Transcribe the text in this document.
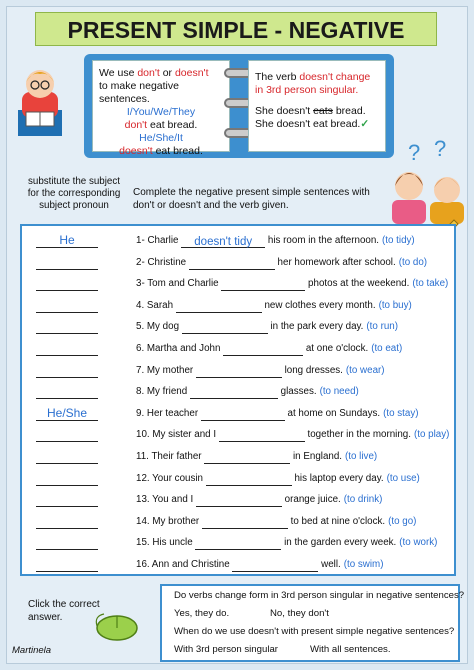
PRESENT SIMPLE - NEGATIVE
We use don't or doesn't
to make negative sentences.
I/You/We/They
don't eat bread.
He/She/It
doesn't eat bread.
The verb doesn't change
in 3rd person singular.
She doesn't eats bread.
She doesn't eat bread.✓
? ?
substitute the subject for the corresponding subject pronoun
Complete the negative present simple sentences with don't or doesn't and the verb given.
He	1- Charlie doesn't tidy his room in the afternoon. (to tidy)
2- Christine	her homework after school. (to do)
3- Tom and Charlie	photos at the weekend. (to take)
4. Sarah	new clothes every month. (to buy)
5. My dog	in the park every day. (to run)
6. Martha and John	at one o'clock. (to eat)
7. My mother	long dresses. (to wear)
8. My friend	glasses. (to need)
He/She	9. Her teacher	at home on Sundays. (to stay)
10. My sister and I	together in the morning. (to play)
11. Their father	in England. (to live)
12. Your cousin	his laptop every day. (to use)
13. You and I	orange juice. (to drink)
14. My brother	to bed at nine o'clock. (to go)
15. His uncle	in the garden every week. (to work)
16. Ann and Christine	well. (to swim)
Click the correct answer.
Martinela
Do verbs change form in 3rd person singular in negative sentences?
Yes, they do.	No, they don't
When do we use doesn't with present simple negative sentences?
With 3rd person singular	With all sentences.
